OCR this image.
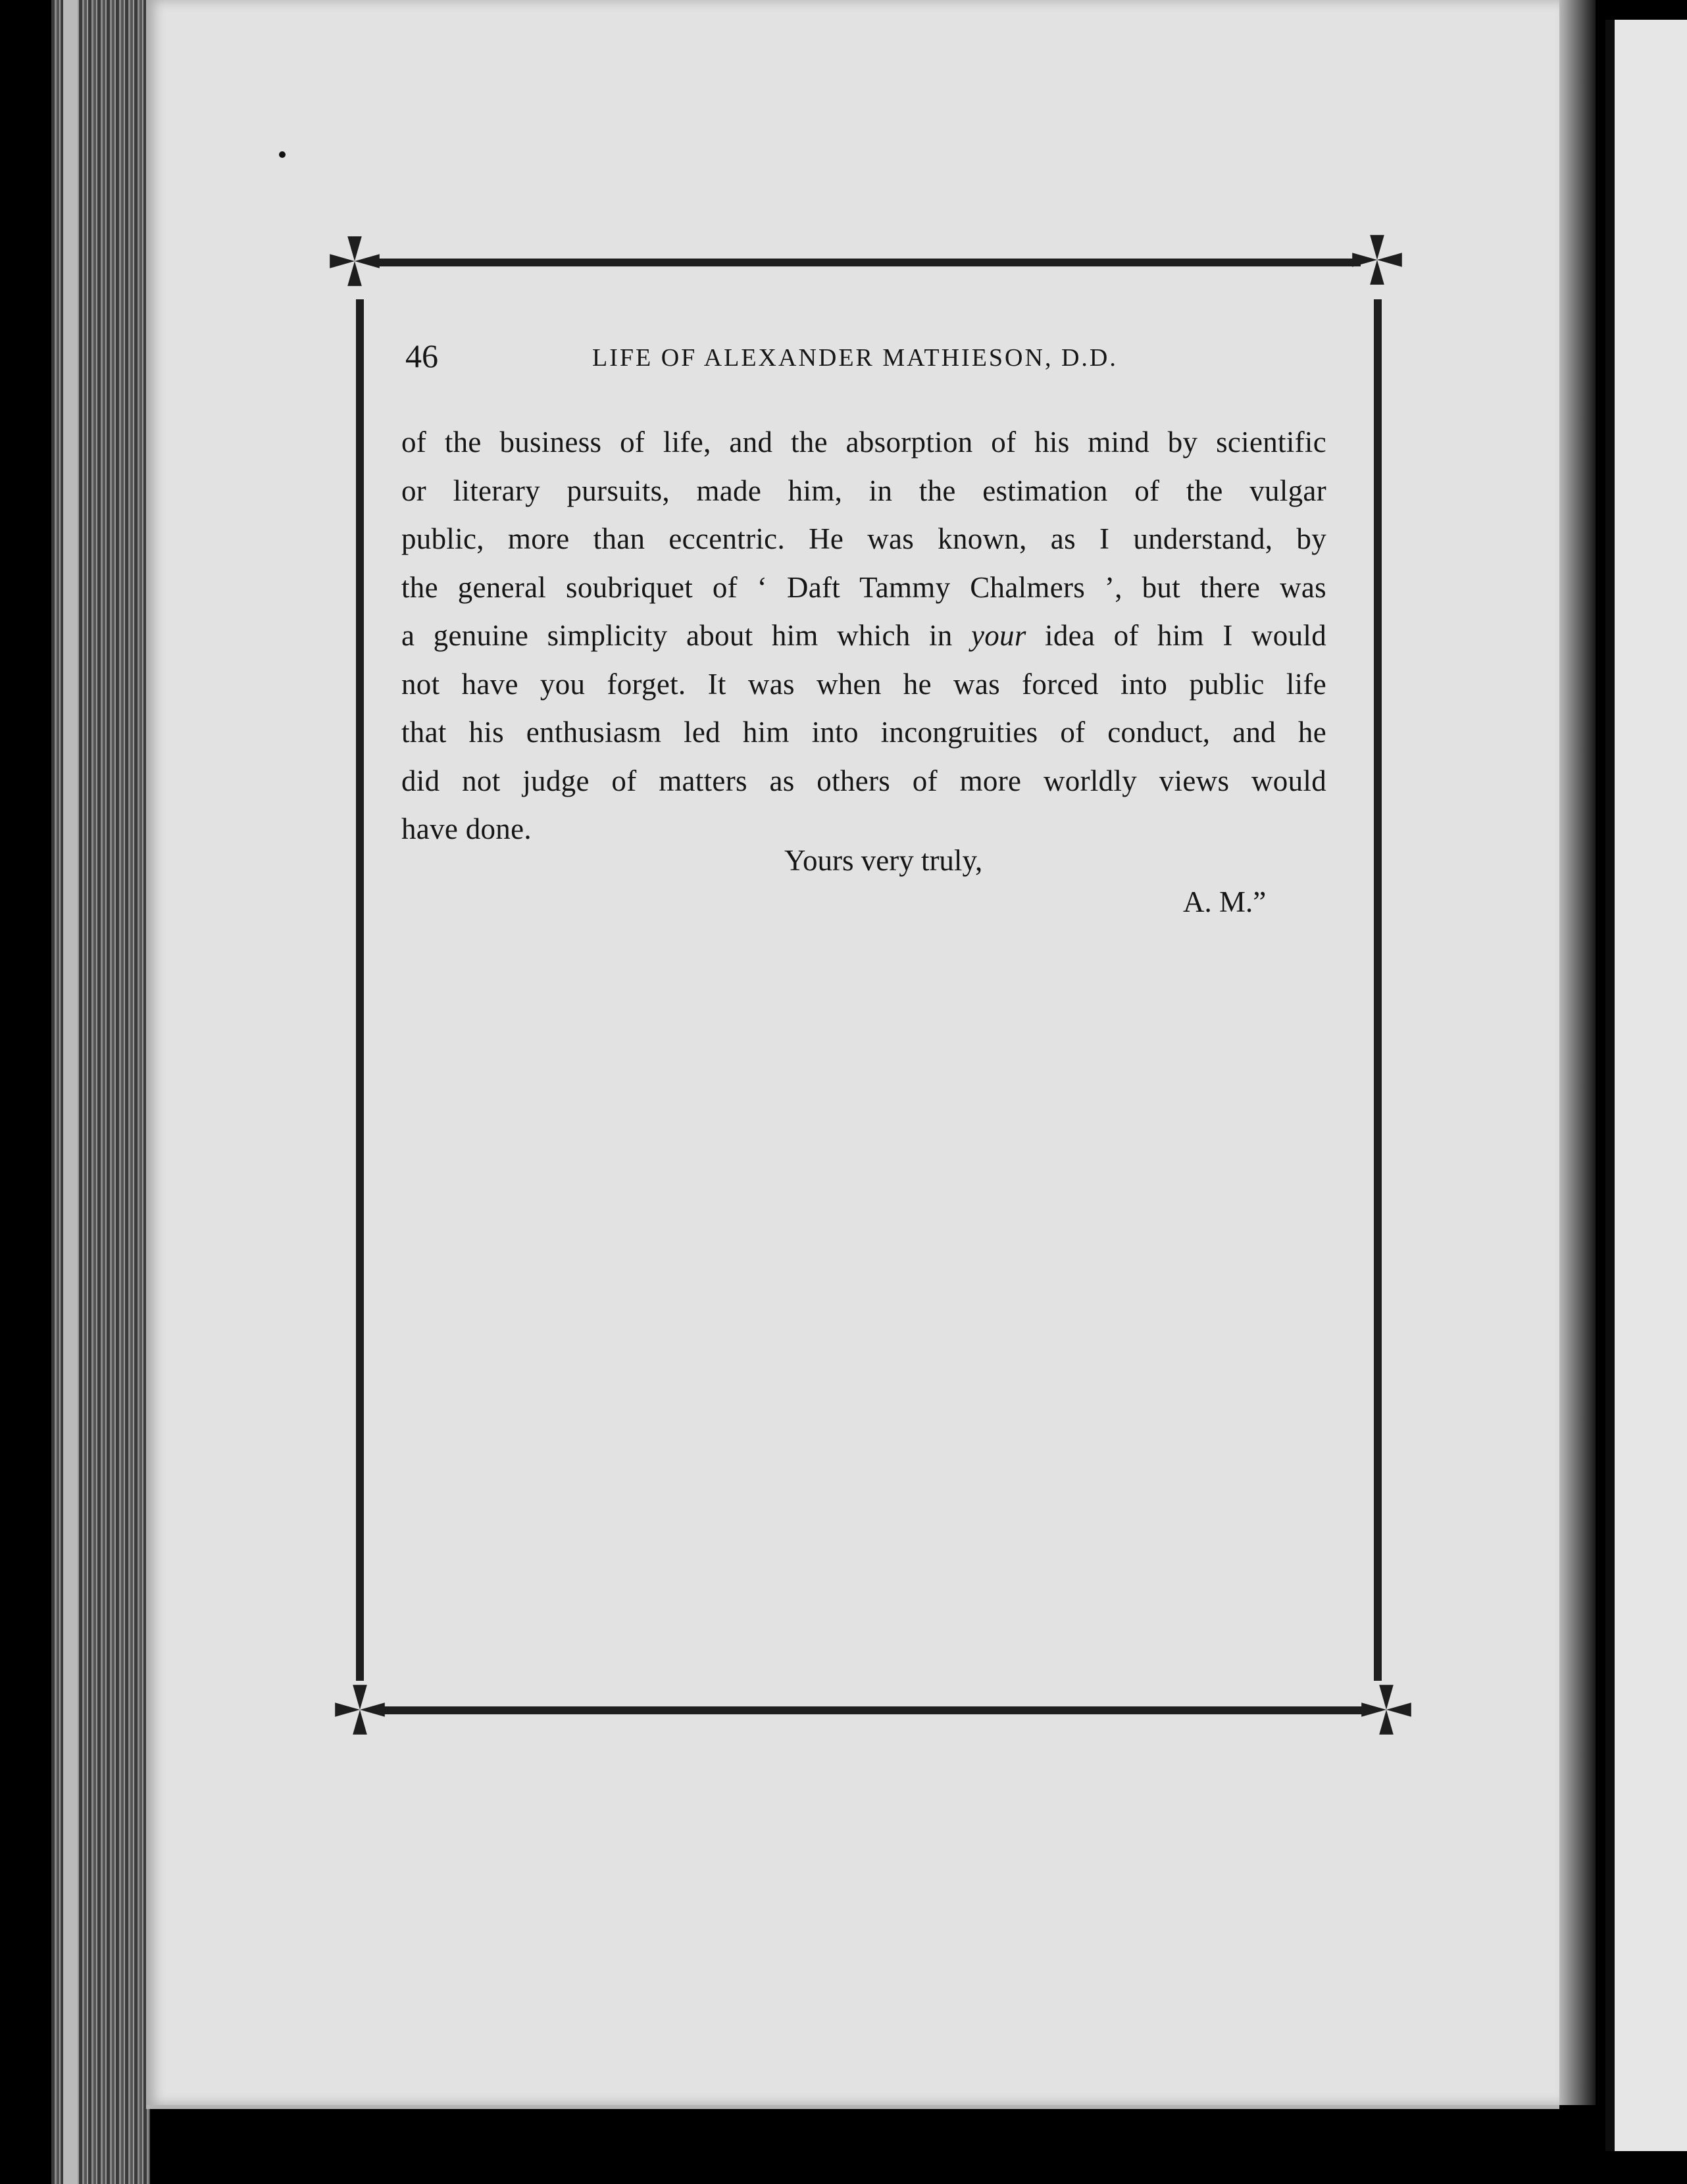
46	LIFE OF ALEXANDER MATHIESON, D.D.
of the business of life, and the absorption of his mind by scientific
or literary pursuits, made him, in the estimation of the vulgar
public, more than eccentric. He was known, as I understand, by
the general soubriquet of ‘ Daft Tammy Chalmers ’, but there was
a genuine simplicity about him which in your idea of him I would
not have you forget. It was when he was forced into public life
that his enthusiasm led him into incongruities of conduct, and he
did not judge of matters as others of more worldly views would
have done.
Yours very truly,
A. M.”
